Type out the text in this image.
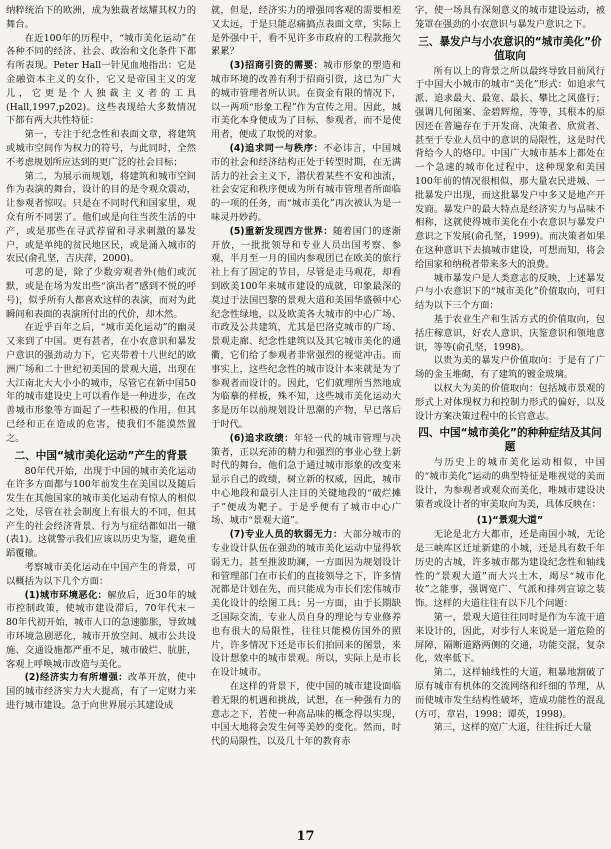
纳粹统治下的欧洲，成为独裁者炫耀其权力的舞台。

在近100年的历程中，“城市美化运动”在各种不同的经济、社会、政治和文化条件下都有所表现。Peter Hall一针见血地指出：它是金融资本主义的女仆，它又是帝国主义的宠儿，它更是个人独裁主义者的工具(Hall,1997,p202)。这些表现给大多数情况下都有两大共性特征：

第一，专注于纪念性和表面文章，将建筑或城市空间作为权力的符号，与此同时，全然不考虑规划所应达到的更广泛的社会目标；

第二，为展示而规划，将建筑和城市空间作为表演的舞台，设计的目的是令观众震动，让参观者惊叹。只是在不同时代和国家里，观众有所不同罢了。他们或是向往当茨生活的中产，或是那些在寻武荐留和寻求刺激的暴发户，或是单纯的贫民地区民，或是涌入城市的农民(俞孔坚，吉庆萍，2000)。

可悲的是，除了少数旁观者外(他们或沉默，或是在场为发出些“演出者”感到不悦的呼号)，似乎所有人都喜欢这样的表演，而对为此瞬间和表面的表演所付出的代价，却木然。

在近乎百年之后，“城市美化运动”的幽灵又来到了中国。更有甚者，在小农意识和暴发户意识的强劲动力下，它夹带着十八世纪的欧洲广场和二十世纪初美国的景观大道，出现在大江南北大大小小的城市，尽管它在新中国50年的城市建设史上可以看作是一种进步，在改善城市形象等方面起了一些积极的作用，但其已经和正在造成的危害，使我们不能漠然置之。

二、中国“城市美化运动”产生的背景

80年代开始，出现于中国的城市美化运动在许多方面都与100年前发生在美国以及随后发生在其他国家的城市美化运动有惊人的相似之处，尽管在社会制度上有很大的不同，但其产生的社会经济背景、行为与症结都如出一辙(表1)。这就警示我们应该以历史为鉴，避免重蹈覆辙。

考察城市美化运动在中国产生的背景，可以概括为以下几个方面：

(1)城市环境恶化：解放后，近30年的城市控制政策，使城市建设滞后，70年代末－80年代初开始，城市人口的急速膨胀，导致城市环境急剧恶化，城市开放空间、城市公共设施、交通设施都严重不足，城市破烂、肮脏，客观上呼唤城市改造与美化。

(2)经济实力有所增强：改革开放，使中国的城市经济实力大大提高，有了一定财力来进行城市建设。急于向世界展示其建设成

就，但是，经济实力的增强同客观的需要相差又太远，于是只能忍痛搞点表面文章，实际上是外强中干，看不见许多市政府的工程款拖欠累累？

(3)招商引资的需要：城市形象的塑造和城市环境的改善有利于招商引资，这已为广大的城市管理者所认识。在资金有限的情况下，以一两项“形象工程”作为宣传之用。因此，城市美化本身便成为了目标，参观者，而不是使用者，便成了取悦的对象。

(4)追求同一与秩序：不必讳言，中国城市的社会和经济结构正处于转型时期，在无满活力的社会主义下，潜伏着某些不安和浊流，社会安定和秩序便成为所有城市管理者所面临的一项的任务，而“城市美化”再次被认为是一味灵丹妙药。

(5)重新发现西方世界：随着国门的逐渐开放，一批批领导和专业人员出国考察、参观，半月至一月的国内参观团已在欧美的旅行社上有了固定的节目，尽管是走马观花，却看到欧美100年来城市建设的成就，印象最深的莫过于法国巴黎的景观大道和美国华盛顿中心纪念性绿地，以及欧美各大城市的中心广场、市政及公共建筑，尤其是巴洛克城市的广场、景观走廊、纪念性建筑以及其它城市美化的通衢，它们给了参观者非常强烈的视觉冲击。而事实上，这些纪念性的城市设计本来就是为了参观者而设计的。因此，它们就理所当然地成为临摹的样板，殊不知，这些城市美化运动大多是历年以前规划设计思潮的产物，早已落后于时代。

(6)追求政绩：年轻一代的城市管理与决策者，正以充沛的精力和强烈的事业心登上新时代的舞台，他们急于通过城市形象的改变来显示自己的政绩，树立新的权威，因此，城市中心地段和最引人注目的关键地段的“破烂摊子”便成为靶子。于是乎便有了城市中心广场、城市“景观大道”。

(7)专业人员的软弱无力：大部分城市的专业设计队伍在强劲的城市美化运动中显得软弱无力，甚至推波助澜，一方面因为规划设计和管理部门在市长们的直接领导之下，许多情况都是计划在先，而只能成为市长们宏伟城市美化设计的绘图工具；另一方面，由于长期缺乏国际交流，专业人员自身的理论与专业修养也有很大的局限性，往往只能模仿国外的照片，许多情况下还是市长们拍回来的图景，来设计想象中的城市景观。所以，实际上是市长在设计城市。

在这样的背景下，使中国的城市建设面临着无限的机遇和挑战，试想，在一种强有力的意志之下，若使一种高品味的概念得以实现，中国大地将会发生何等美妙的变化。然而，时代的局限性，以及几十年的教育赤

字，使一场具有深刻意义的城市建设运动，被笼罩在强劲的小农意识与暴发户意识之下。

三、暴发户与小农意识的“城市美化”价值取向

所有以上的背景之所以最终导致目前风行于中国大小城市的城市“美化”形式：如追求气派、追求最大、最宽、最长、攀比之风盛行；强调几何图案、金碧辉煌，等等，其根本的原因还在普遍存在于开发商、决策者、欣赏者、甚至于专业人员中的意识的局限性，这是时代背给今人的烙印。中国广大城市基本上都处在一个急速的城市化过程中，这种现象和美国100年前的情况很相似，那大量农民进城、一批暴发户出现，而这批暴发户中多又是地产开发商。暴发户的最大特点是经济实力与品味不相称，这就使得城市美化在小农意识与暴发户意识之下发展(俞孔坚，1999)。而决策者如果在这种意识下去搞城市建设，可想而知，将会给国家和纳税者带来多大的浪费。

城市暴发户是人类意志的反映，上述暴发户与小农意识下的“城市美化”价值取向，可归结为以下三个方面：

基于农业生产和生活方式的价值取向，包括庄稼意识，好农人意识，庆鉴意识和领地意识，等等(俞孔坚，1998)。

以贵为美的暴发户价值取向：于是有了广场的金玉堆砌，有了建筑的镀金玻璃。

以权大为美的价值取向：包括城市景观的形式上对体现权力和控制力形式的偏好，以及设计方案决策过程中的长官意志。

四、中国“城市美化”的种种症结及其问题

与历史上的城市美化运动相似，中国的“城市美化”运动的典型特征是唯视觉的美而设计，为参观者或观众而美化，唯城市建设决策者或设计者的审美取向为美，具体反映在：

(1)“景观大道”

无论是北方大都市，还是南国小城，无论是三峡库区迁址新建的小城，还是具有数千年历史的古城，许多城市都为建设纪念性和轴线性的“景观大道”而大兴土木，竭尽“城市化妆”之能事，强调宽广、气派和排列宣谅之装饰。这样的大道往往有以下几个问题：

第一，景观大道往往同时是作为车流干道来设计的，因此，对步行人来说是一道危险的屏障，隔断道路两侧的交通，功能交混，复杂化，效率低下。

第二，这样轴线性的大道，粗暴地割破了原有城市有机体的交流网络和纤细的节理，从而使城市发生结构性破坏，造成功能性的混乱(方可，章岩，1998；谭英，1998)。

第三，这样的宽广大道，往往拆迁大量

17
